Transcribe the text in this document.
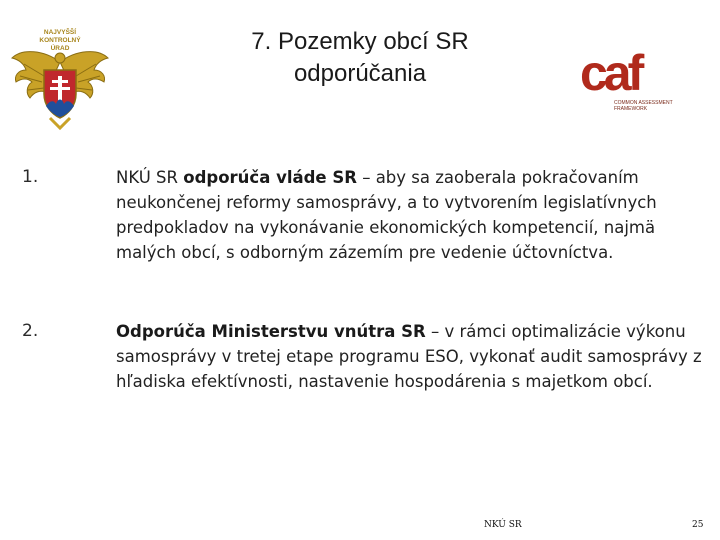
NAJVYŠŠÍ
KONTROLNÝ
ÚRAD	7. Pozemky obcí SR
odporúčania	caf
COMMON ASSESSMENT
FRAMEWORK
1.	NKÚ SR odporúča vláde SR – aby sa zaoberala pokračovaním neukončenej reformy samosprávy, a to vytvorením legislatívnych predpokladov na vykonávanie ekonomických kompetencií, najmä malých obcí, s odborným zázemím pre vedenie účtovníctva.
2.	Odporúča Ministerstvu vnútra SR – v rámci optimalizácie výkonu samosprávy v tretej etape programu ESO, vykonať audit samosprávy z hľadiska efektívnosti, nastavenie hospodárenia s majetkom obcí.
NKÚ SR	25
